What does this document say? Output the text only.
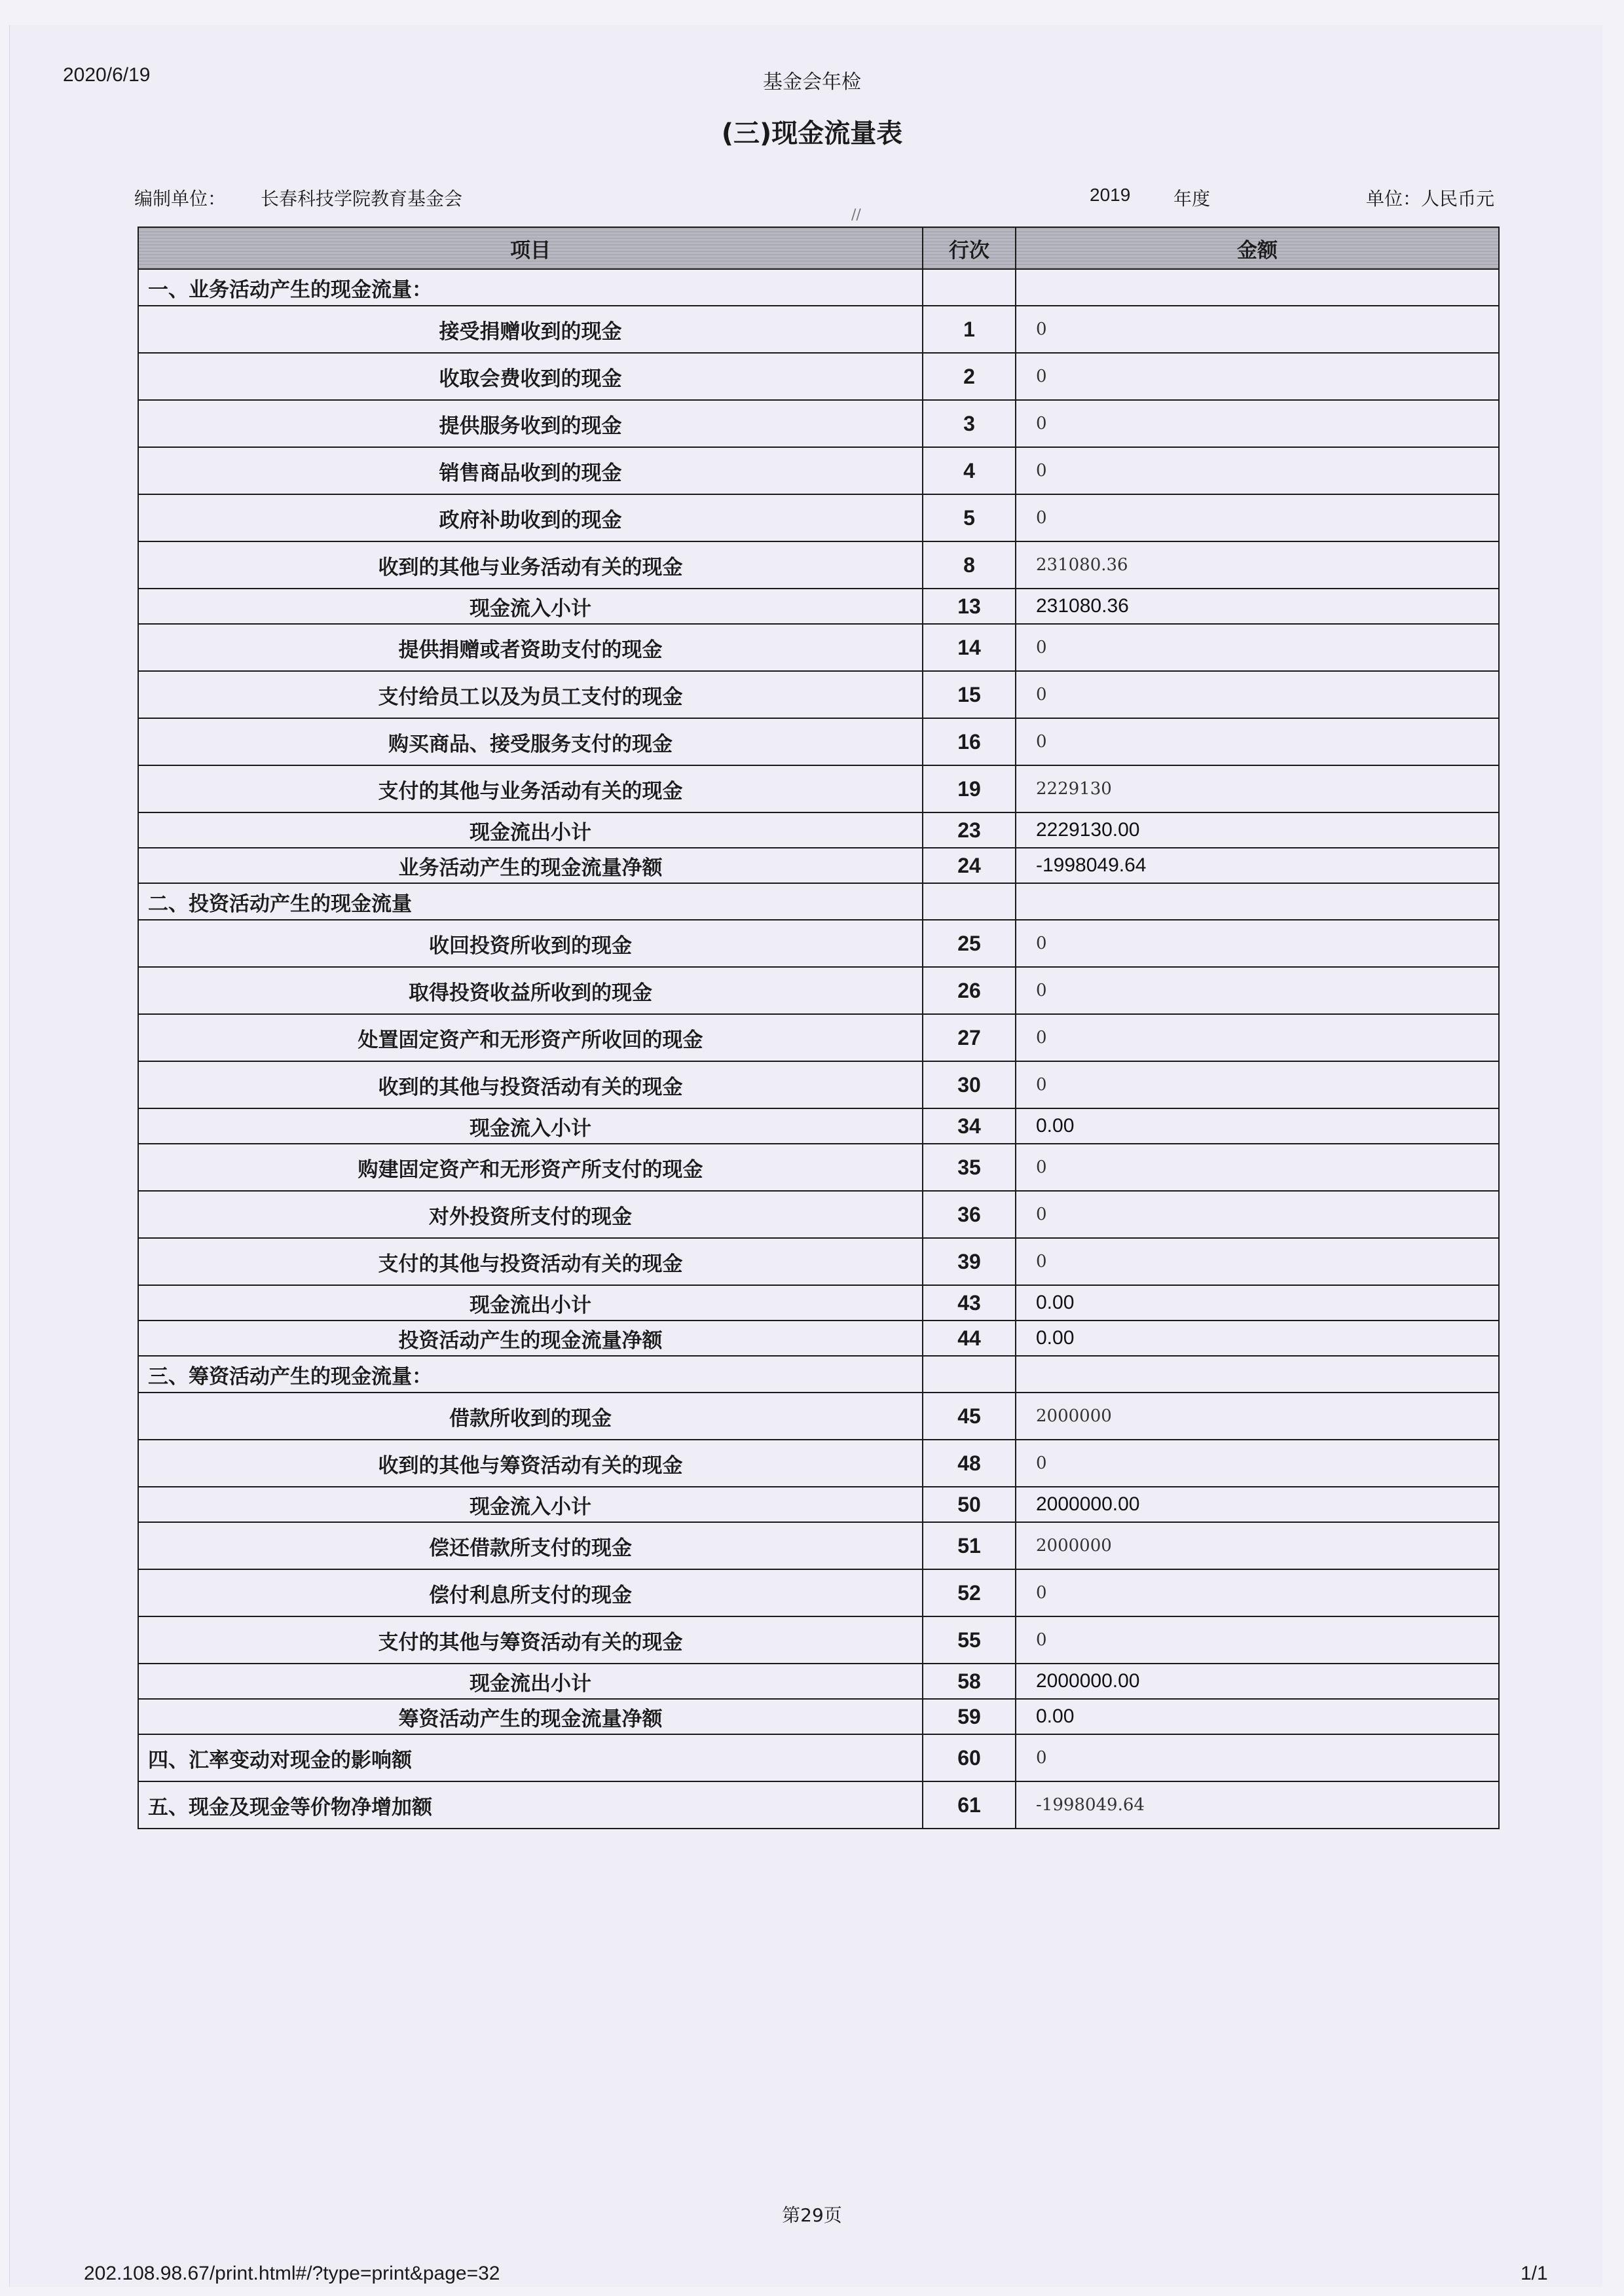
2020/6/19	基金会年检
(三)现金流量表
编制单位： 长春科技学院教育基金会	2019 年度	单位：人民币元
//
项目	行次	金额
一、业务活动产生的现金流量：		
接受捐赠收到的现金	1	0
收取会费收到的现金	2	0
提供服务收到的现金	3	0
销售商品收到的现金	4	0
政府补助收到的现金	5	0
收到的其他与业务活动有关的现金	8	231080.36
现金流入小计	13	231080.36
提供捐赠或者资助支付的现金	14	0
支付给员工以及为员工支付的现金	15	0
购买商品、接受服务支付的现金	16	0
支付的其他与业务活动有关的现金	19	2229130
现金流出小计	23	2229130.00
业务活动产生的现金流量净额	24	-1998049.64
二、投资活动产生的现金流量		
收回投资所收到的现金	25	0
取得投资收益所收到的现金	26	0
处置固定资产和无形资产所收回的现金	27	0
收到的其他与投资活动有关的现金	30	0
现金流入小计	34	0.00
购建固定资产和无形资产所支付的现金	35	0
对外投资所支付的现金	36	0
支付的其他与投资活动有关的现金	39	0
现金流出小计	43	0.00
投资活动产生的现金流量净额	44	0.00
三、筹资活动产生的现金流量：		
借款所收到的现金	45	2000000
收到的其他与筹资活动有关的现金	48	0
现金流入小计	50	2000000.00
偿还借款所支付的现金	51	2000000
偿付利息所支付的现金	52	0
支付的其他与筹资活动有关的现金	55	0
现金流出小计	58	2000000.00
筹资活动产生的现金流量净额	59	0.00
四、汇率变动对现金的影响额	60	0
五、现金及现金等价物净增加额	61	-1998049.64
第29页
202.108.98.67/print.html#/?type=print&page=32	1/1
